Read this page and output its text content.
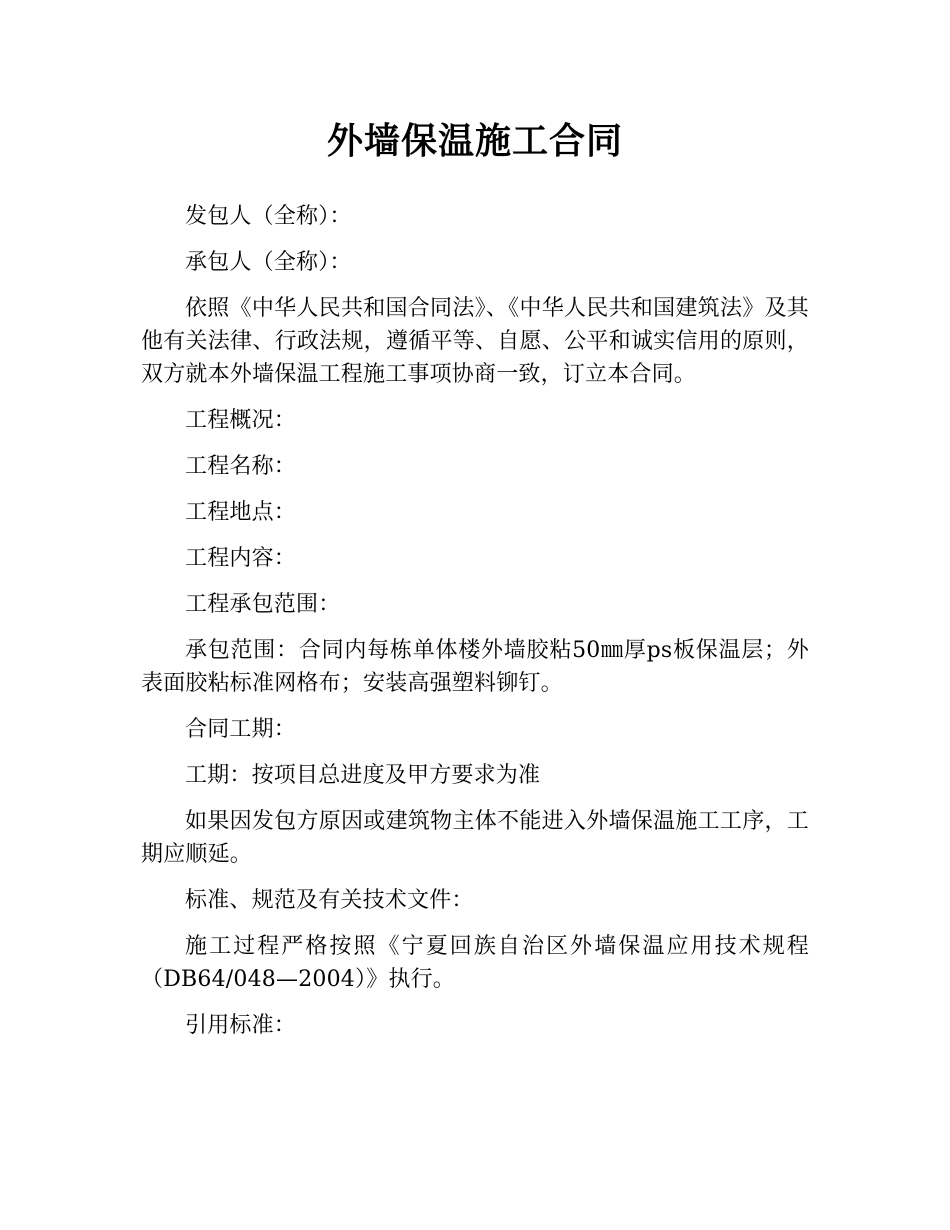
外墙保温施工合同

发包人（全称）：

承包人（全称）：

依照《中华人民共和国合同法》、《中华人民共和国建筑法》及其他有关法律、行政法规，遵循平等、自愿、公平和诚实信用的原则，双方就本外墙保温工程施工事项协商一致，订立本合同。

工程概况：

工程名称：

工程地点：

工程内容：

工程承包范围：

承包范围：合同内每栋单体楼外墙胶粘50㎜厚ps板保温层；外表面胶粘标准网格布；安装高强塑料铆钉。

合同工期：

工期：按项目总进度及甲方要求为准

如果因发包方原因或建筑物主体不能进入外墙保温施工工序，工期应顺延。

标准、规范及有关技术文件：

施工过程严格按照《宁夏回族自治区外墙保温应用技术规程（DB64/048—2004）》执行。

引用标准：
